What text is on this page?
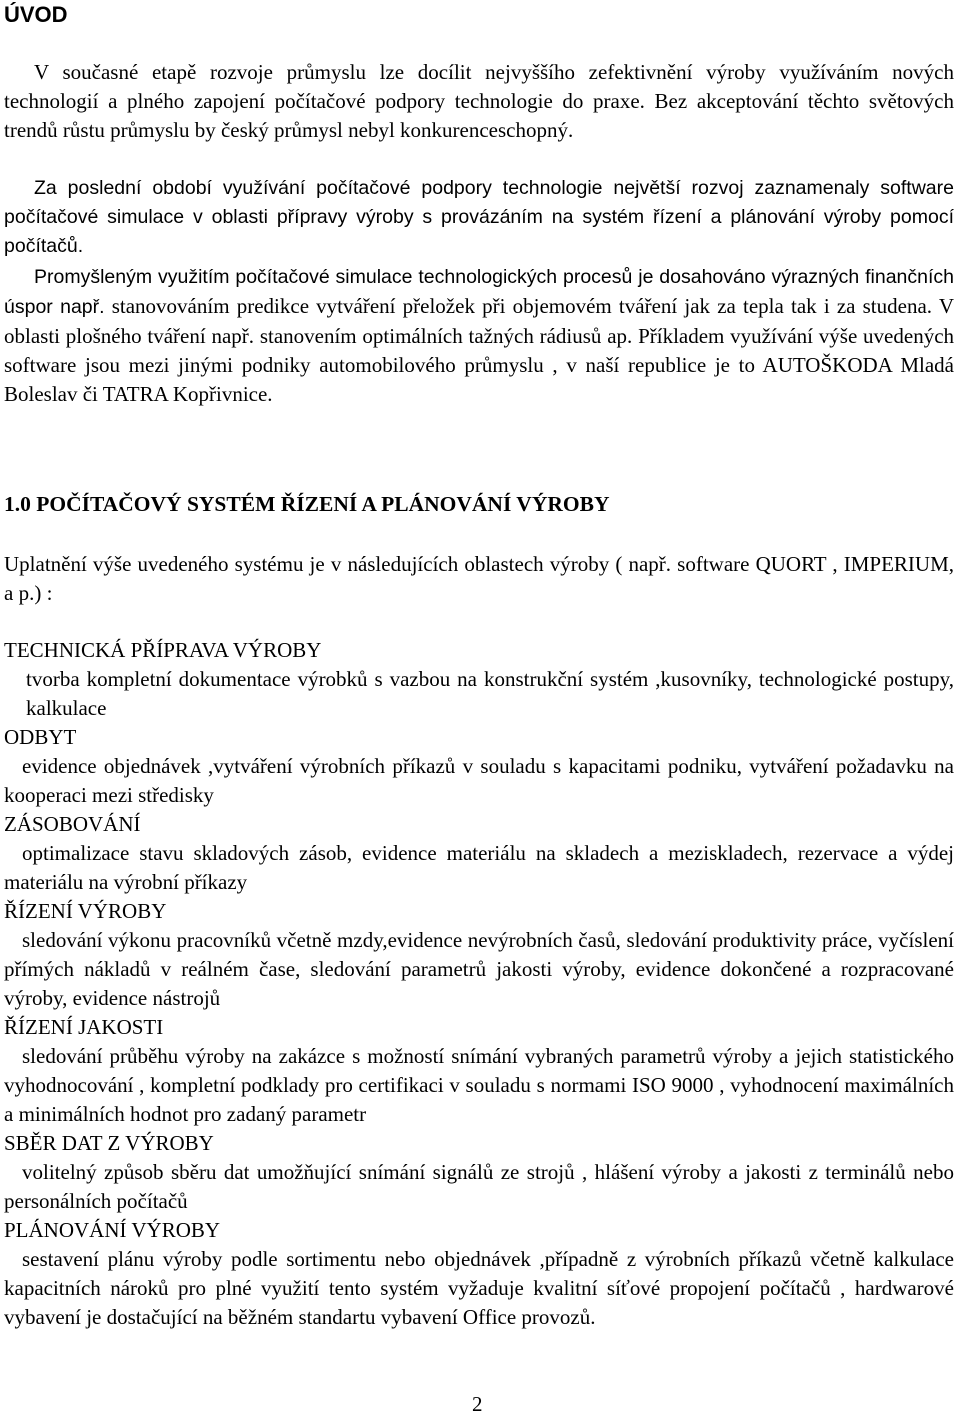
ÚVOD
V současné etapě rozvoje průmyslu lze docílit nejvyššího zefektivnění výroby využíváním nových technologií a plného zapojení počítačové podpory technologie do praxe. Bez akceptování těchto světových trendů růstu průmyslu by český průmysl nebyl konkurenceschopný.
Za poslední období využívání počítačové podpory technologie největší rozvoj zaznamenaly software počítačové simulace v oblasti přípravy výroby s provázáním na systém řízení a plánování výroby pomocí počítačů.
Promyšleným využitím počítačové simulace technologických procesů je dosahováno výrazných finančních úspor např. stanovováním predikce vytváření přeložek při objemovém tváření jak za tepla tak i za studena. V oblasti plošného tváření např. stanovením optimálních tažných rádiusů ap. Příkladem využívání výše uvedených software jsou mezi jinými podniky automobilového průmyslu , v naší republice je to AUTOŠKODA Mladá Boleslav či TATRA Kopřivnice.
1.0 POČÍTAČOVÝ SYSTÉM ŘÍZENÍ A PLÁNOVÁNÍ VÝROBY
Uplatnění výše uvedeného systému je v následujících oblastech výroby ( např. software QUORT , IMPERIUM, a p.) :
TECHNICKÁ PŘÍPRAVA VÝROBY
tvorba kompletní dokumentace výrobků s vazbou na konstrukční systém ,kusovníky, technologické postupy, kalkulace
ODBYT
evidence objednávek ,vytváření výrobních příkazů v souladu s kapacitami podniku, vytváření požadavku na kooperaci mezi středisky
ZÁSOBOVÁNÍ
optimalizace stavu skladových zásob, evidence materiálu na skladech a meziskladech, rezervace a výdej materiálu na výrobní příkazy
ŘÍZENÍ VÝROBY
sledování výkonu pracovníků včetně mzdy,evidence nevýrobních časů, sledování produktivity práce, vyčíslení přímých nákladů v reálném čase, sledování parametrů jakosti výroby, evidence dokončené a rozpracované výroby, evidence nástrojů
ŘÍZENÍ JAKOSTI
sledování průběhu výroby na zakázce s možností snímání vybraných parametrů výroby a jejich statistického vyhodnocování , kompletní podklady pro certifikaci v souladu s normami ISO 9000 , vyhodnocení maximálních a minimálních hodnot pro zadaný parametr
SBĚR DAT Z VÝROBY
volitelný způsob sběru dat umožňující snímání signálů ze strojů , hlášení výroby a jakosti z terminálů nebo personálních počítačů
PLÁNOVÁNÍ VÝROBY
sestavení plánu výroby podle sortimentu nebo objednávek ,případně z výrobních příkazů včetně kalkulace kapacitních nároků pro plné využití tento systém vyžaduje kvalitní síťové propojení počítačů , hardwarové vybavení je dostačující na běžném standartu vybavení Office provozů.
2
